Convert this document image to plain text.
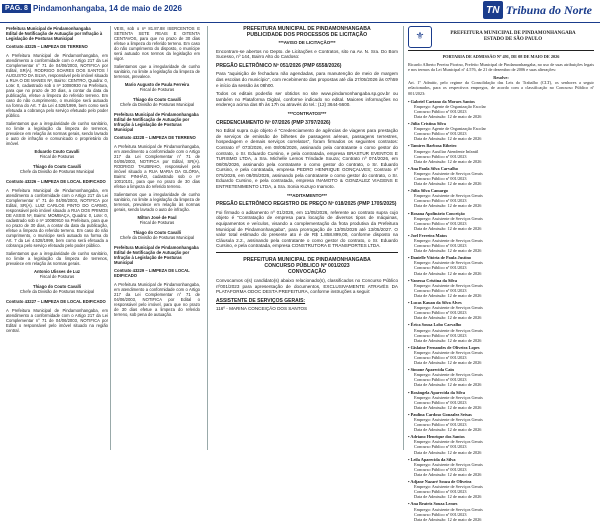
PÁG. 8 Pindamonhangaba, 14 de maio de 2026	TN Tribuna do Norte
Prefeitura Municipal de Pindamonhangaba
Edital de Notificação de Autuação por Infração à Legislação de Posturas Municipal
Contrato 43225 – LIMPEZA DE TERRENO

A Prefeitura Municipal de Pindamonhangaba, em atendimento a conformidade com o Artigo 217 da Lei Complementar n° 71 de 04/06/2003, NOTIFICA por Edital, SR(A). RODRIGO SOARES DOS SANTOS / AUGUSTO DA SILVA, responsável pelo imóvel situado a RUA O DE MANES Nº, Bairro: CENTRO, Quadra: 0, Lote: 0, cadastrado sob o nº 10080930 na Prefeitura, para que no prazo de 30 dias, a contar da data da publicação, efetue a limpeza do referido terreno. Em caso do não cumprimento, o munícipe será autuado na forma do Art. 7 da Lei 4.528/1999, bem como será efetuada a cobrança pelo serviço efetuado pelo poder público.

Salientamos que a irregularidade de cunho sanitário, no limite a legislação da limpeza de terrenos, prevalece em relação às normas gerais, sendo lavrado o auto de infração e comunicado o proprietário do imóvel.

Eduardo Couto Cavalli
Fiscal de Posturas
Thiago do Couto Cavalli
Chefe da Divisão de Posturas Municipal
Contrato 43226 – LIMPEZA DE LOCAL EDIFICADO

A Prefeitura Municipal de Pindamonhangaba, em atendimento a conformidade com o Artigo 217 da Lei Complementar n° 71 de 04/06/2003, NOTIFICA por Edital, SR(A). LUIZ CARLOS PINTO DO CARMO, responsável pelo imóvel situado a RUA DOS PRIMOS DE ASSIS Nº, Bairro: MOMBAÇA, Quadra: 0, Lote: 0, cadastrado sob o nº 10080910 na Prefeitura, para que no prazo de 30 dias, a contar da data da publicação, efetue a limpeza do referido terreno. Em caso do não cumprimento, o munícipe será autuado na forma do Art. 7 da Lei 4.528/1999, bem como será efetuada a cobrança pelo serviço efetuado pelo poder público.

Salientamos que a irregularidade de cunho sanitário, no limite a legislação da limpeza de terrenos, prevalece em relação às normas gerais.

Antonio Ulisses de Luz
Fiscal de Posturas
Thiago do Couto Cavalli
Chefe da Divisão de Posturas Municipal
Contrato 43227 – LIMPEZA DE LOCAL EDIFICADO

A Prefeitura Municipal de Pindamonhangaba, em atendimento a conformidade com o Artigo 217 da Lei Complementar n° 71 de 04/06/2003, NOTIFICA por Edital o responsável pelo imóvel situado na região central.

VEIS, sob o nº 81.87.88 ISERCENTOS E SETENTA SETE REAIS E OITENTA CENTAVOS, para que no prazo de 30 dias efetue a limpeza do referido terreno. Em caso do não cumprimento do disposto, o munícipe será autuado nos termos da legislação em vigor.

Salientamos que a irregularidade de cunho sanitário, no limite a legislação da limpeza de terrenos, prevalece.

Mario Augusto de Paula Ferreira
Fiscal de Posturas
Thiago do Couto Cavalli
Chefe da Divisão de Posturas Municipal
Prefeitura Municipal de Pindamonhangaba
Edital de Notificação de Autuação por Infração à Legislação de Posturas Municipal
Contrato 43228 – LIMPEZA DE TERRENO

A Prefeitura Municipal de Pindamonhangaba, em atendimento a conformidade com o Artigo 217 da Lei Complementar n° 71 de 04/06/2003, NOTIFICA por Edital, SR(A). RODRIGO TAUBINHO, responsável pelo imóvel situado a RUA MARIA DA GLÓRIA, Bairro: PINHÃO, cadastrado sob o nº 10010101, para que no prazo de 30 dias efetue a limpeza do referido terreno.

Salientamos que a irregularidade de cunho sanitário, no limite a legislação da limpeza de terrenos, prevalece em relação às normas gerais, sendo lavrado o auto de infração.

Milton José de Paul
Fiscal de Posturas
Thiago do Couto Cavalli
Chefe da Divisão de Posturas Municipal
Prefeitura Municipal de Pindamonhangaba
Edital de Notificação de Autuação por Infração à Legislação de Posturas Municipal
Contrato 43229 – LIMPEZA DE LOCAL EDIFICADO

A Prefeitura Municipal de Pindamonhangaba, em atendimento a conformidade com o Artigo 217 da Lei Complementar n° 71 de 04/06/2003, NOTIFICA por Edital o responsável pelo imóvel, para que no prazo de 30 dias efetue a limpeza do referido terreno, sob pena de autuação.

PREFEITURA MUNICIPAL DE PINDAMONHANGABA
PUBLICIDADE DOS PROCESSOS DE LICITAÇÃO
***AVISO DE LICITAÇÃO***

Encontram-se abertos no Depto. de Licitações e Contratos, sito na Av. N. Sra. Do Bom Sucesso, nº 144, Bairro Alto do Cardoso:

PREGÃO ELETRÔNICO Nº 051/2026 (PMP 6558/2026)

Para "aquisição de fechadura não agendadas, para manutenção de meio de margem das escolas do município", com recebimento das propostas até dia 27/05/2026 às 07h59 e início da sessão às 08h00.

Todos os editais poderão ser obtidos no site www.pindamonhangaba.sp.gov.br ou também no Plataforma Digital, conforme indicado no edital. Maiores informações no endereço acima das 8h às 17h ou através do tel.: (12) 3644-5600.

***CONTRATOS***
CREDENCIAMENTO Nº 07/2026 (PMP 3797/2026)

No Edital supra cujo objeto é "Credenciamento de agências de viagens para prestação de serviços de emissão de bilhetes de passagens aéreas, passagens terrestres, hospedagem e demais serviços correlatos", foram firmados os seguintes contratos: Contrato nº 073/2026, em 08/05/2026, assinando pela contratante o como gestor do contrato, o Sr. Eduardo Cursino, e pela contratada, empresa BRASTUR EVENTOS E TURISMO LTDA, a Sra. Michelle Lemos Trindade Souza; Contrato nº 074/2026, em 08/05/2026, assinando pela contratante o como gestor do contrato, o Sr. Eduardo Cursino, e pela contratada, empresa PEDRO HENRIQUE GONÇALVES; Contrato nº 075/2026, em 08/05/2026, assinando pela contratante o como gestor do contrato, o Sr. Eduardo Cursino, e pela contratada, empresa INAMOTO & GONZALEZ VIAGENS E ENTRETENIMENTO LTDA, a Sra. Sonia Kuzuyo Inamoto.

***ADITAMENTO***
PREGÃO ELETRÔNICO REGISTRO DE PREÇO Nº 018/2025 (PMP 1705/2025)

Foi firmado o aditamento nº 01/2026, em 11/05/2026, referente ao contrato supra cujo objeto é "Contratação de empresa para locação de diversos tipos de máquinas, equipamentos e veículos, visando a complementação da frota produtiva da Prefeitura Municipal de Pindamonhangaba", para prorrogação de 13/05/2026 até 13/05/2027. O valor total estimado do presente ato é de R$ 1.858.899,00, conforme disposto na Cláusula 2.2., assinando pela contratante o como gestor do contrato, o Sr. Eduardo Cursino, e pela contratada, empresa CONSTRUTORA E TRANSPORTES LTDA.

PREFEITURA MUNICIPAL DE PINDAMONHANGABA
CONCURSO PÚBLICO Nº 001/2023
CONVOCAÇÃO

Convocamos o(s) candidato(s) abaixo relacionado(s), classificados no Concurso Público nº001/2023 para apresentação de documentos, EXCLUSIVAMENTE ATRAVÉS DA PLATAFORMA ODOC DESTA PREFEITURA, conforme instruções a seguir:

ASSISTENTE DE SERVIÇOS GERAIS:
116º - MARINA CONCEIÇÃO DOS SANTOS
⚜	PREFEITURA MUNICIPAL DE PINDAMONHANGABA
ESTADO DE SÃO PAULO
PORTARIA DE ADMISSÃO Nº 491, DE 08 DE MAIO DE 2026

Ricardo Alberto Pereira Piorino, Prefeito Municipal de Pindamonhangaba, no uso de suas atribuições legais e nos termos da Lei Municipal nº 4.576, de 21 de dezembro de 2006 e suas alterações:

Resolve:

Art. 1º Admitir, pelo regime da Consolidação das Leis do Trabalho (CLT), os senhores a seguir relacionados, para os respectivos empregos, de acordo com a classificação no Concurso Público nº 001/2023:

• Gabriel Caetano da Moraes Santos
Emprego: Agente de Organização Escolar
Concurso Público nº 001/2023
Data de Admissão: 12 de maio de 2026
• Júlia Cristina Silva
Emprego: Agente de Organização Escolar
Concurso Público nº 001/2023
Data de Admissão: 12 de maio de 2026
• Tamires Barbosa Ribeiro
Emprego: Auxiliar Atendente Infantil
Concurso Público nº 001/2023
Data de Admissão: 12 de maio de 2026
• Ana Paula Silva Carvalho
Emprego: Assistente de Serviços Gerais
Concurso Público nº 001/2023
Data de Admissão: 12 de maio de 2026
• Júlia Silva Camargo
Emprego: Assistente de Serviços Gerais
Concurso Público nº 001/2023
Data de Admissão: 12 de maio de 2026
• Rosana Apolinário Conceição
Emprego: Assistente de Serviços Gerais
Concurso Público nº 001/2023
Data de Admissão: 12 de maio de 2026
• Joel Ferreira Matos
Emprego: Assistente de Serviços Gerais
Concurso Público nº 001/2023
Data de Admissão: 12 de maio de 2026
• Danielle Vitória de Paula Justino
Emprego: Assistente de Serviços Gerais
Concurso Público nº 001/2023
Data de Admissão: 12 de maio de 2026
• Vanessa Cristina da Silva
Emprego: Assistente de Serviços Gerais
Concurso Público nº 001/2023
Data de Admissão: 12 de maio de 2026
• Lucas Kauan da Silva Alves
Emprego: Assistente de Serviços Gerais
Concurso Público nº 001/2023
Data de Admissão: 12 de maio de 2026
• Érica Sousa Lobo Carvalho
Emprego: Assistente de Serviços Gerais
Concurso Público nº 001/2023
Data de Admissão: 12 de maio de 2026
• Gislaine Fernandes de Oliveira Lopes
Emprego: Assistente de Serviços Gerais
Concurso Público nº 001/2023
Data de Admissão: 12 de maio de 2026
• Simone Aparecida Cain
Emprego: Assistente de Serviços Gerais
Concurso Público nº 001/2023
Data de Admissão: 12 de maio de 2026
• Rosângela Aparecida da Silva
Emprego: Assistente de Serviços Gerais
Concurso Público nº 001/2023
Data de Admissão: 12 de maio de 2026
• Paulina Cardoso Gonzalez Seixas
Emprego: Assistente de Serviços Gerais
Concurso Público nº 001/2023
Data de Admissão: 12 de maio de 2026
• Adriano Henrique dos Santos
Emprego: Assistente de Serviços Gerais
Concurso Público nº 001/2023
Data de Admissão: 12 de maio de 2026
• Leila Aparecida da Silva
Emprego: Assistente de Serviços Gerais
Concurso Público nº 001/2023
Data de Admissão: 12 de maio de 2026
• Adjane Nazaré Souza de Oliveira
Emprego: Assistente de Serviços Gerais
Concurso Público nº 001/2023
Data de Admissão: 12 de maio de 2026
• Ana Beatriz Souza Lemes
Emprego: Assistente de Serviços Gerais
Concurso Público nº 001/2023
Data de Admissão: 12 de maio de 2026
